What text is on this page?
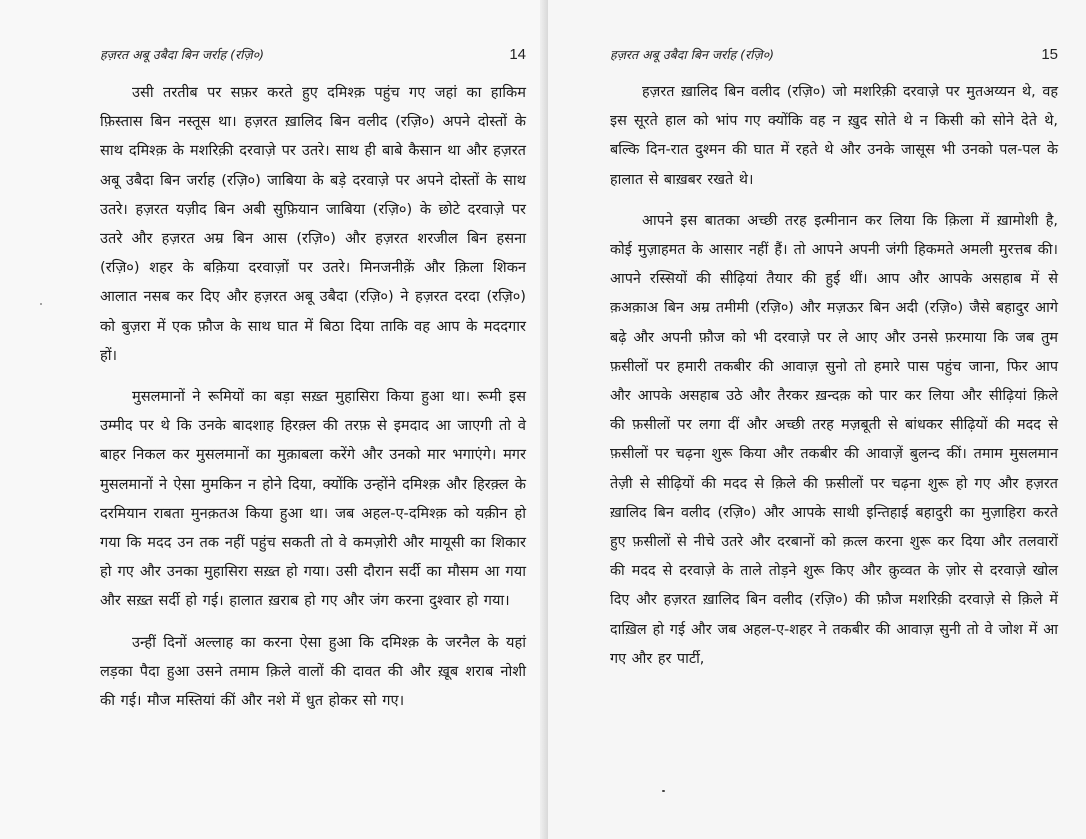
हज़रत अबू उबैदा बिन जर्राह (रज़ि०)	14

उसी तरतीब पर सफ़र करते हुए दमिश्क़ पहुंच गए जहां का हाकिम फ़िस्तास बिन नस्तूस था। हज़रत ख़ालिद बिन वलीद (रज़ि०) अपने दोस्तों के साथ दमिश्क़ के मशरिक़ी दरवाज़े पर उतरे। साथ ही बाबे कैसान था और हज़रत अबू उबैदा बिन जर्राह (रज़ि०) जाबिया के बड़े दरवाज़े पर अपने दोस्तों के साथ उतरे। हज़रत यज़ीद बिन अबी सुफ़ियान जाबिया (रज़ि०) के छोटे दरवाज़े पर उतरे और हज़रत अम्र बिन आस (रज़ि०) और हज़रत शरजील बिन हसना (रज़ि०) शहर के बक़िया दरवाज़ों पर उतरे। मिनजनीक़ें और क़िला शिकन आलात नसब कर दिए और हज़रत अबू उबैदा (रज़ि०) ने हज़रत दरदा (रज़ि०) को बुज़रा में एक फ़ौज के साथ घात में बिठा दिया ताकि वह आप के मददगार हों।

मुसलमानों ने रूमियों का बड़ा सख़्त मुहासिरा किया हुआ था। रूमी इस उम्मीद पर थे कि उनके बादशाह हिरक़्ल की तरफ़ से इमदाद आ जाएगी तो वे बाहर निकल कर मुसलमानों का मुक़ाबला करेंगे और उनको मार भगाएंगे। मगर मुसलमानों ने ऐसा मुमकिन न होने दिया, क्योंकि उन्होंने दमिश्क़ और हिरक़्ल के दरमियान राबता मुनक़तअ किया हुआ था। जब अहल-ए-दमिश्क़ को यक़ीन हो गया कि मदद उन तक नहीं पहुंच सकती तो वे कमज़ोरी और मायूसी का शिकार हो गए और उनका मुहासिरा सख़्त हो गया। उसी दौरान सर्दी का मौसम आ गया और सख़्त सर्दी हो गई। हालात ख़राब हो गए और जंग करना दुश्वार हो गया।

उन्हीं दिनों अल्लाह का करना ऐसा हुआ कि दमिश्क़ के जरनैल के यहां लड़का पैदा हुआ उसने तमाम क़िले वालों की दावत की और ख़ूब शराब नोशी की गई। मौज मस्तियां कीं और नशे में धुत होकर सो गए।

हज़रत अबू उबैदा बिन जर्राह (रज़ि०)	15

हज़रत ख़ालिद बिन वलीद (रज़ि०) जो मशरिक़ी दरवाज़े पर मुतअय्यन थे, वह इस सूरते हाल को भांप गए क्योंकि वह न ख़ुद सोते थे न किसी को सोने देते थे, बल्कि दिन-रात दुश्मन की घात में रहते थे और उनके जासूस भी उनको पल-पल के हालात से बाख़बर रखते थे।

आपने इस बातका अच्छी तरह इत्मीनान कर लिया कि क़िला में ख़ामोशी है, कोई मुज़ाहमत के आसार नहीं हैं। तो आपने अपनी जंगी हिकमते अमली मुरत्तब की। आपने रस्सियों की सीढ़ियां तैयार की हुई थीं। आप और आपके असहाब में से क़अक़ाअ बिन अम्र तमीमी (रज़ि०) और मज़ऊर बिन अदी (रज़ि०) जैसे बहादुर आगे बढ़े और अपनी फ़ौज को भी दरवाज़े पर ले आए और उनसे फ़रमाया कि जब तुम फ़सीलों पर हमारी तकबीर की आवाज़ सुनो तो हमारे पास पहुंच जाना, फिर आप और आपके असहाब उठे और तैरकर ख़न्दक़ को पार कर लिया और सीढ़ियां क़िले की फ़सीलों पर लगा दीं और अच्छी तरह मज़बूती से बांधकर सीढ़ियों की मदद से फ़सीलों पर चढ़ना शुरू किया और तकबीर की आवाज़ें बुलन्द कीं। तमाम मुसलमान तेज़ी से सीढ़ियों की मदद से क़िले की फ़सीलों पर चढ़ना शुरू हो गए और हज़रत ख़ालिद बिन वलीद (रज़ि०) और आपके साथी इन्तिहाई बहादुरी का मुज़ाहिरा करते हुए फ़सीलों से नीचे उतरे और दरबानों को क़त्ल करना शुरू कर दिया और तलवारों की मदद से दरवाज़े के ताले तोड़ने शुरू किए और क़ुव्वत के ज़ोर से दरवाज़े खोल दिए और हज़रत ख़ालिद बिन वलीद (रज़ि०) की फ़ौज मशरिक़ी दरवाज़े से क़िले में दाख़िल हो गई और जब अहल-ए-शहर ने तकबीर की आवाज़ सुनी तो वे जोश में आ गए और हर पार्टी,
